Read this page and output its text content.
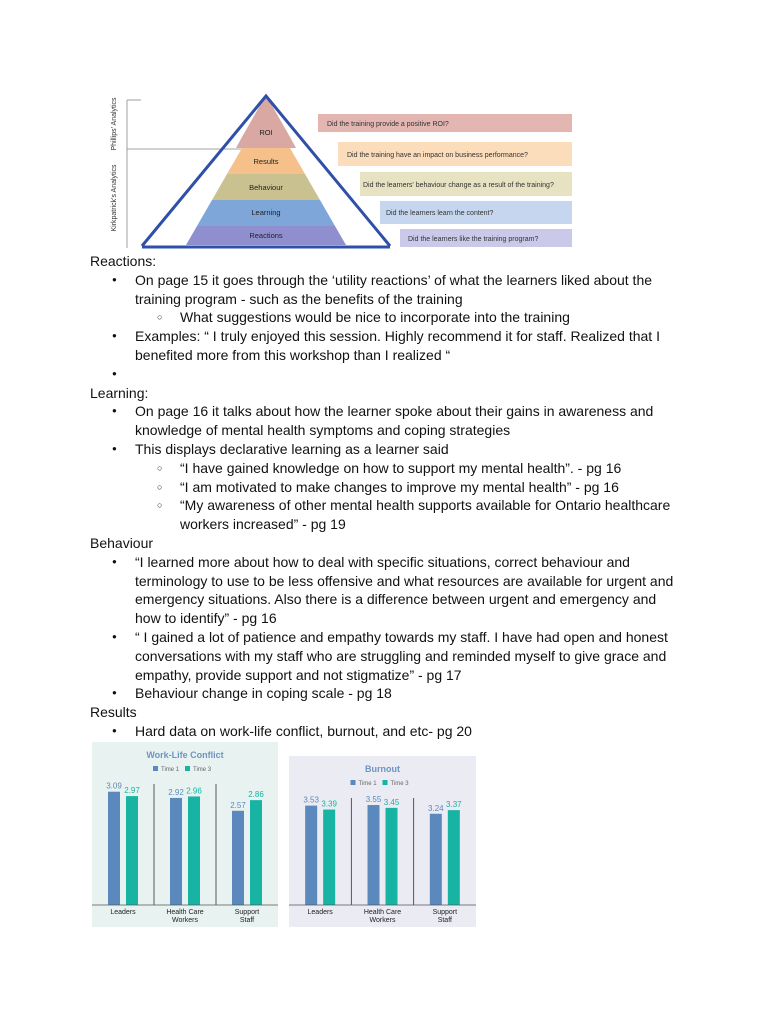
Phillips' Analytics
Kirkpatrick's Analytics
ROI
Results
Behaviour
Learning
Reactions
Did the training provide a positive ROI?
Did the training have an impact on business performance?
Did the learners' behaviour change as a result of the training?
Did the learners learn the content?
Did the learners like the training program?

Reactions:

● On page 15 it goes through the ‘utility reactions’ of what the learners liked about the training program - such as the benefits of the training
○ What suggestions would be nice to incorporate into the training
● Examples: “ I truly enjoyed this session. Highly recommend it for staff. Realized that I benefited more from this workshop than I realized “
●

Learning:

● On page 16 it talks about how the learner spoke about their gains in awareness and knowledge of mental health symptoms and coping strategies
● This displays declarative learning as a learner said
○ “I have gained knowledge on how to support my mental health”. - pg 16
○ “I am motivated to make changes to improve my mental health” - pg 16
○ “My awareness of other mental health supports available for Ontario healthcare workers increased” - pg 19

Behaviour

● “I learned more about how to deal with specific situations, correct behaviour and terminology to use to be less offensive and what resources are available for urgent and emergency situations. Also there is a difference between urgent and emergency and how to identify” - pg 16
● “ I gained a lot of patience and empathy towards my staff. I have had open and honest conversations with my staff who are struggling and reminded myself to give grace and empathy, provide support and not stigmatize” - pg 17
● Behaviour change in coping scale - pg 18

Results

● Hard data on work-life conflict, burnout, and etc- pg 20
Work-Life Conflict
Time 1 Time 3
3.09 2.97
Leaders
2.92 2.96
Health Care
Workers
2.57
2.86
Support
Staff
Burnout
Time 1 Time 3
3.53 3.39
Leaders
3.55 3.45
Health Care
Workers
3.24 3.37
Support
Staff
